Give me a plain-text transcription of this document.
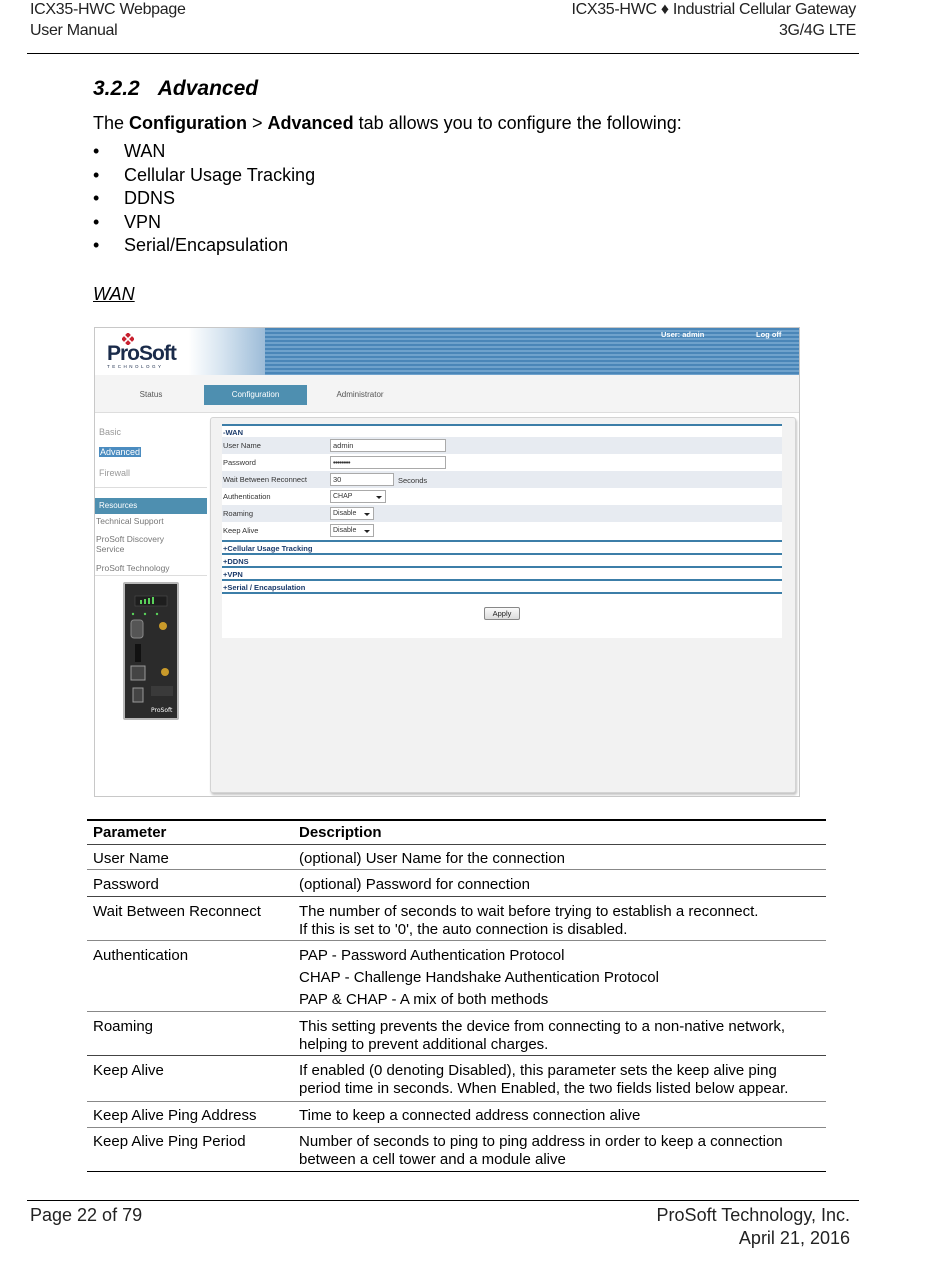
ICX35-HWC Webpage
User Manual
ICX35-HWC ♦ Industrial Cellular Gateway
3G/4G LTE
3.2.2 Advanced
The Configuration > Advanced tab allows you to configure the following:
• WAN
• Cellular Usage Tracking
• DDNS
• VPN
• Serial/Encapsulation
WAN
ProSoft
TECHNOLOGY
User: admin	Log off
Status	Configuration	Administrator
Basic
Advanced
Firewall
Resources
Technical Support
ProSoft Discovery Service
ProSoft Technology
ProSoft
-WAN
User Name	admin
Password	••••••••
Wait Between Reconnect	30	Seconds
Authentication	CHAP
Roaming	Disable
Keep Alive	Disable
+Cellular Usage Tracking
+DDNS
+VPN
+Serial / Encapsulation
Apply
Parameter	Description
User Name	(optional) User Name for the connection
Password	(optional) Password for connection
Wait Between Reconnect	The number of seconds to wait before trying to establish a reconnect.
If this is set to '0', the auto connection is disabled.
Authentication	PAP - Password Authentication Protocol
CHAP - Challenge Handshake Authentication Protocol
PAP & CHAP - A mix of both methods
Roaming	This setting prevents the device from connecting to a non-native network,
helping to prevent additional charges.
Keep Alive	If enabled (0 denoting Disabled), this parameter sets the keep alive ping
period time in seconds. When Enabled, the two fields listed below appear.
Keep Alive Ping Address	Time to keep a connected address connection alive
Keep Alive Ping Period	Number of seconds to ping to ping address in order to keep a connection
between a cell tower and a module alive
Page 22 of 79	ProSoft Technology, Inc.
April 21, 2016
